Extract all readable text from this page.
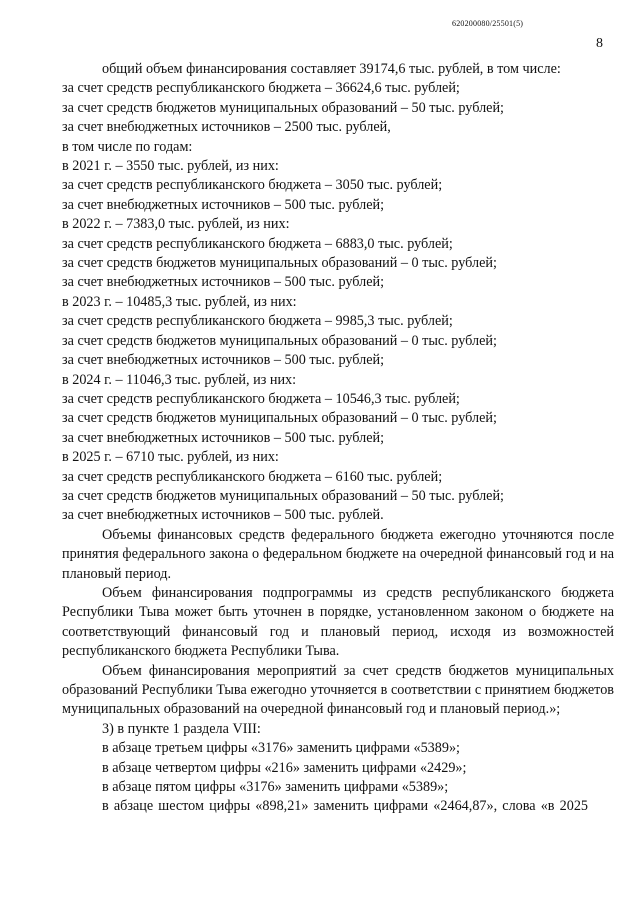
620200080/25501(5)
8
общий объем финансирования составляет 39174,6 тыс. рублей, в том числе:
за счет средств республиканского бюджета – 36624,6 тыс. рублей;
за счет средств бюджетов муниципальных образований – 50 тыс. рублей;
за счет внебюджетных источников – 2500 тыс. рублей,
в том числе по годам:
в 2021 г. – 3550 тыс. рублей, из них:
за счет средств республиканского бюджета – 3050 тыс. рублей;
за счет внебюджетных источников – 500 тыс. рублей;
в 2022 г. – 7383,0 тыс. рублей, из них:
за счет средств республиканского бюджета – 6883,0 тыс. рублей;
за счет средств бюджетов муниципальных образований – 0 тыс. рублей;
за счет внебюджетных источников – 500 тыс. рублей;
в 2023 г. – 10485,3 тыс. рублей, из них:
за счет средств республиканского бюджета – 9985,3 тыс. рублей;
за счет средств бюджетов муниципальных образований – 0 тыс. рублей;
за счет внебюджетных источников – 500 тыс. рублей;
в 2024 г. – 11046,3 тыс. рублей, из них:
за счет средств республиканского бюджета – 10546,3 тыс. рублей;
за счет средств бюджетов муниципальных образований – 0 тыс. рублей;
за счет внебюджетных источников – 500 тыс. рублей;
в 2025 г. – 6710 тыс. рублей, из них:
за счет средств республиканского бюджета – 6160 тыс. рублей;
за счет средств бюджетов муниципальных образований – 50 тыс. рублей;
за счет внебюджетных источников – 500 тыс. рублей.

Объемы финансовых средств федерального бюджета ежегодно уточняются после принятия федерального закона о федеральном бюджете на очередной финансовый год и на плановый период.

Объем финансирования подпрограммы из средств республиканского бюджета Республики Тыва может быть уточнен в порядке, установленном законом о бюджете на соответствующий финансовый год и плановый период, исходя из возможностей республиканского бюджета Республики Тыва.

Объем финансирования мероприятий за счет средств бюджетов муниципальных образований Республики Тыва ежегодно уточняется в соответствии с принятием бюджетов муниципальных образований на очередной финансовый год и плановый период.»;

3) в пункте 1 раздела VIII:
в абзаце третьем цифры «3176» заменить цифрами «5389»;
в абзаце четвертом цифры «216» заменить цифрами «2429»;
в абзаце пятом цифры «3176» заменить цифрами «5389»;
в абзаце шестом цифры «898,21» заменить цифрами «2464,87», слова «в 2025
